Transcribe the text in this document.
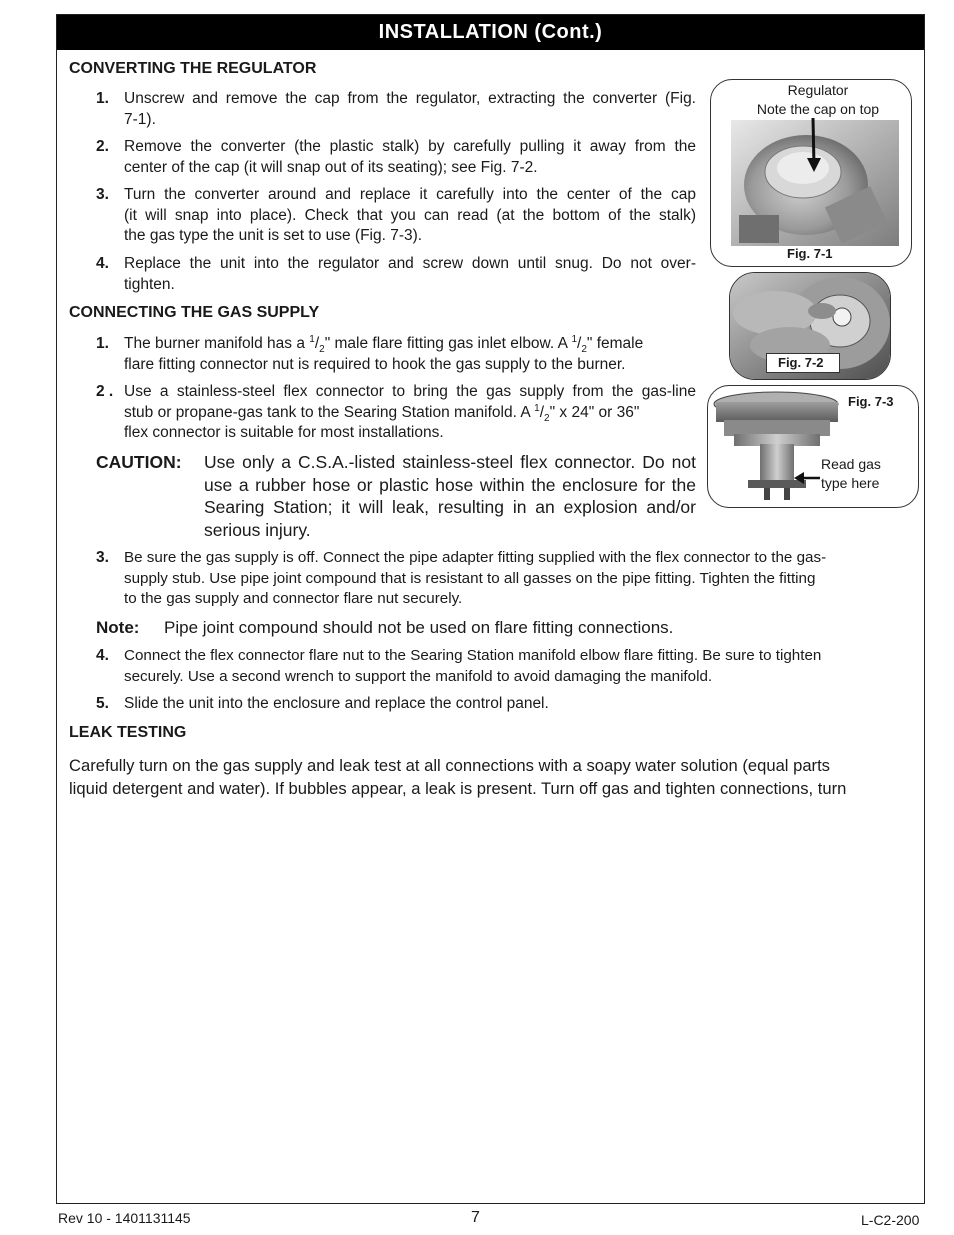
INSTALLATION (Cont.)
CONVERTING THE REGULATOR
1. Unscrew and remove the cap from the regulator, extracting the converter (Fig.
7-1).
2. Remove the converter (the plastic stalk) by carefully pulling it away from the
center of the cap (it will snap out of its seating); see Fig. 7-2.
3. Turn the converter around and replace it carefully into the center of the cap
(it will snap into place). Check that you can read (at the bottom of the stalk)
the gas type the unit is set to use (Fig. 7-3).
4. Replace the unit into the regulator and screw down until snug. Do not over-
tighten.
CONNECTING THE GAS SUPPLY
1. The burner manifold has a $^1/_2$" male flare fitting gas inlet elbow. A $^1/_2$" female
flare fitting connector nut is required to hook the gas supply to the burner.
2 . Use a stainless-steel flex connector to bring the gas supply from the gas-line
stub or propane-gas tank to the Searing Station manifold. A $^1/_2$" x 24" or 36"
flex connector is suitable for most installations.
CAUTION: Use only a C.S.A.-listed stainless-steel flex connector. Do not
use a rubber hose or plastic hose within the enclosure for the
Searing Station; it will leak, resulting in an explosion and/or
serious injury.
3. Be sure the gas supply is off. Connect the pipe adapter fitting supplied with the flex connector to the gas-
supply stub. Use pipe joint compound that is resistant to all gasses on the pipe fitting. Tighten the fitting
to the gas supply and connector flare nut securely.
Note: Pipe joint compound should not be used on flare fitting connections.
4. Connect the flex connector flare nut to the Searing Station manifold elbow flare fitting. Be sure to tighten
securely. Use a second wrench to support the manifold to avoid damaging the manifold.
5. Slide the unit into the enclosure and replace the control panel.
LEAK TESTING
Carefully turn on the gas supply and leak test at all connections with a soapy water solution (equal parts
liquid detergent and water). If bubbles appear, a leak is present. Turn off gas and tighten connections, turn
Regulator
Note the cap on top
Fig. 7-1
Fig. 7-2
Fig. 7-3
Read gas
type here
Rev 10 - 1401131145	7	L-C2-200
